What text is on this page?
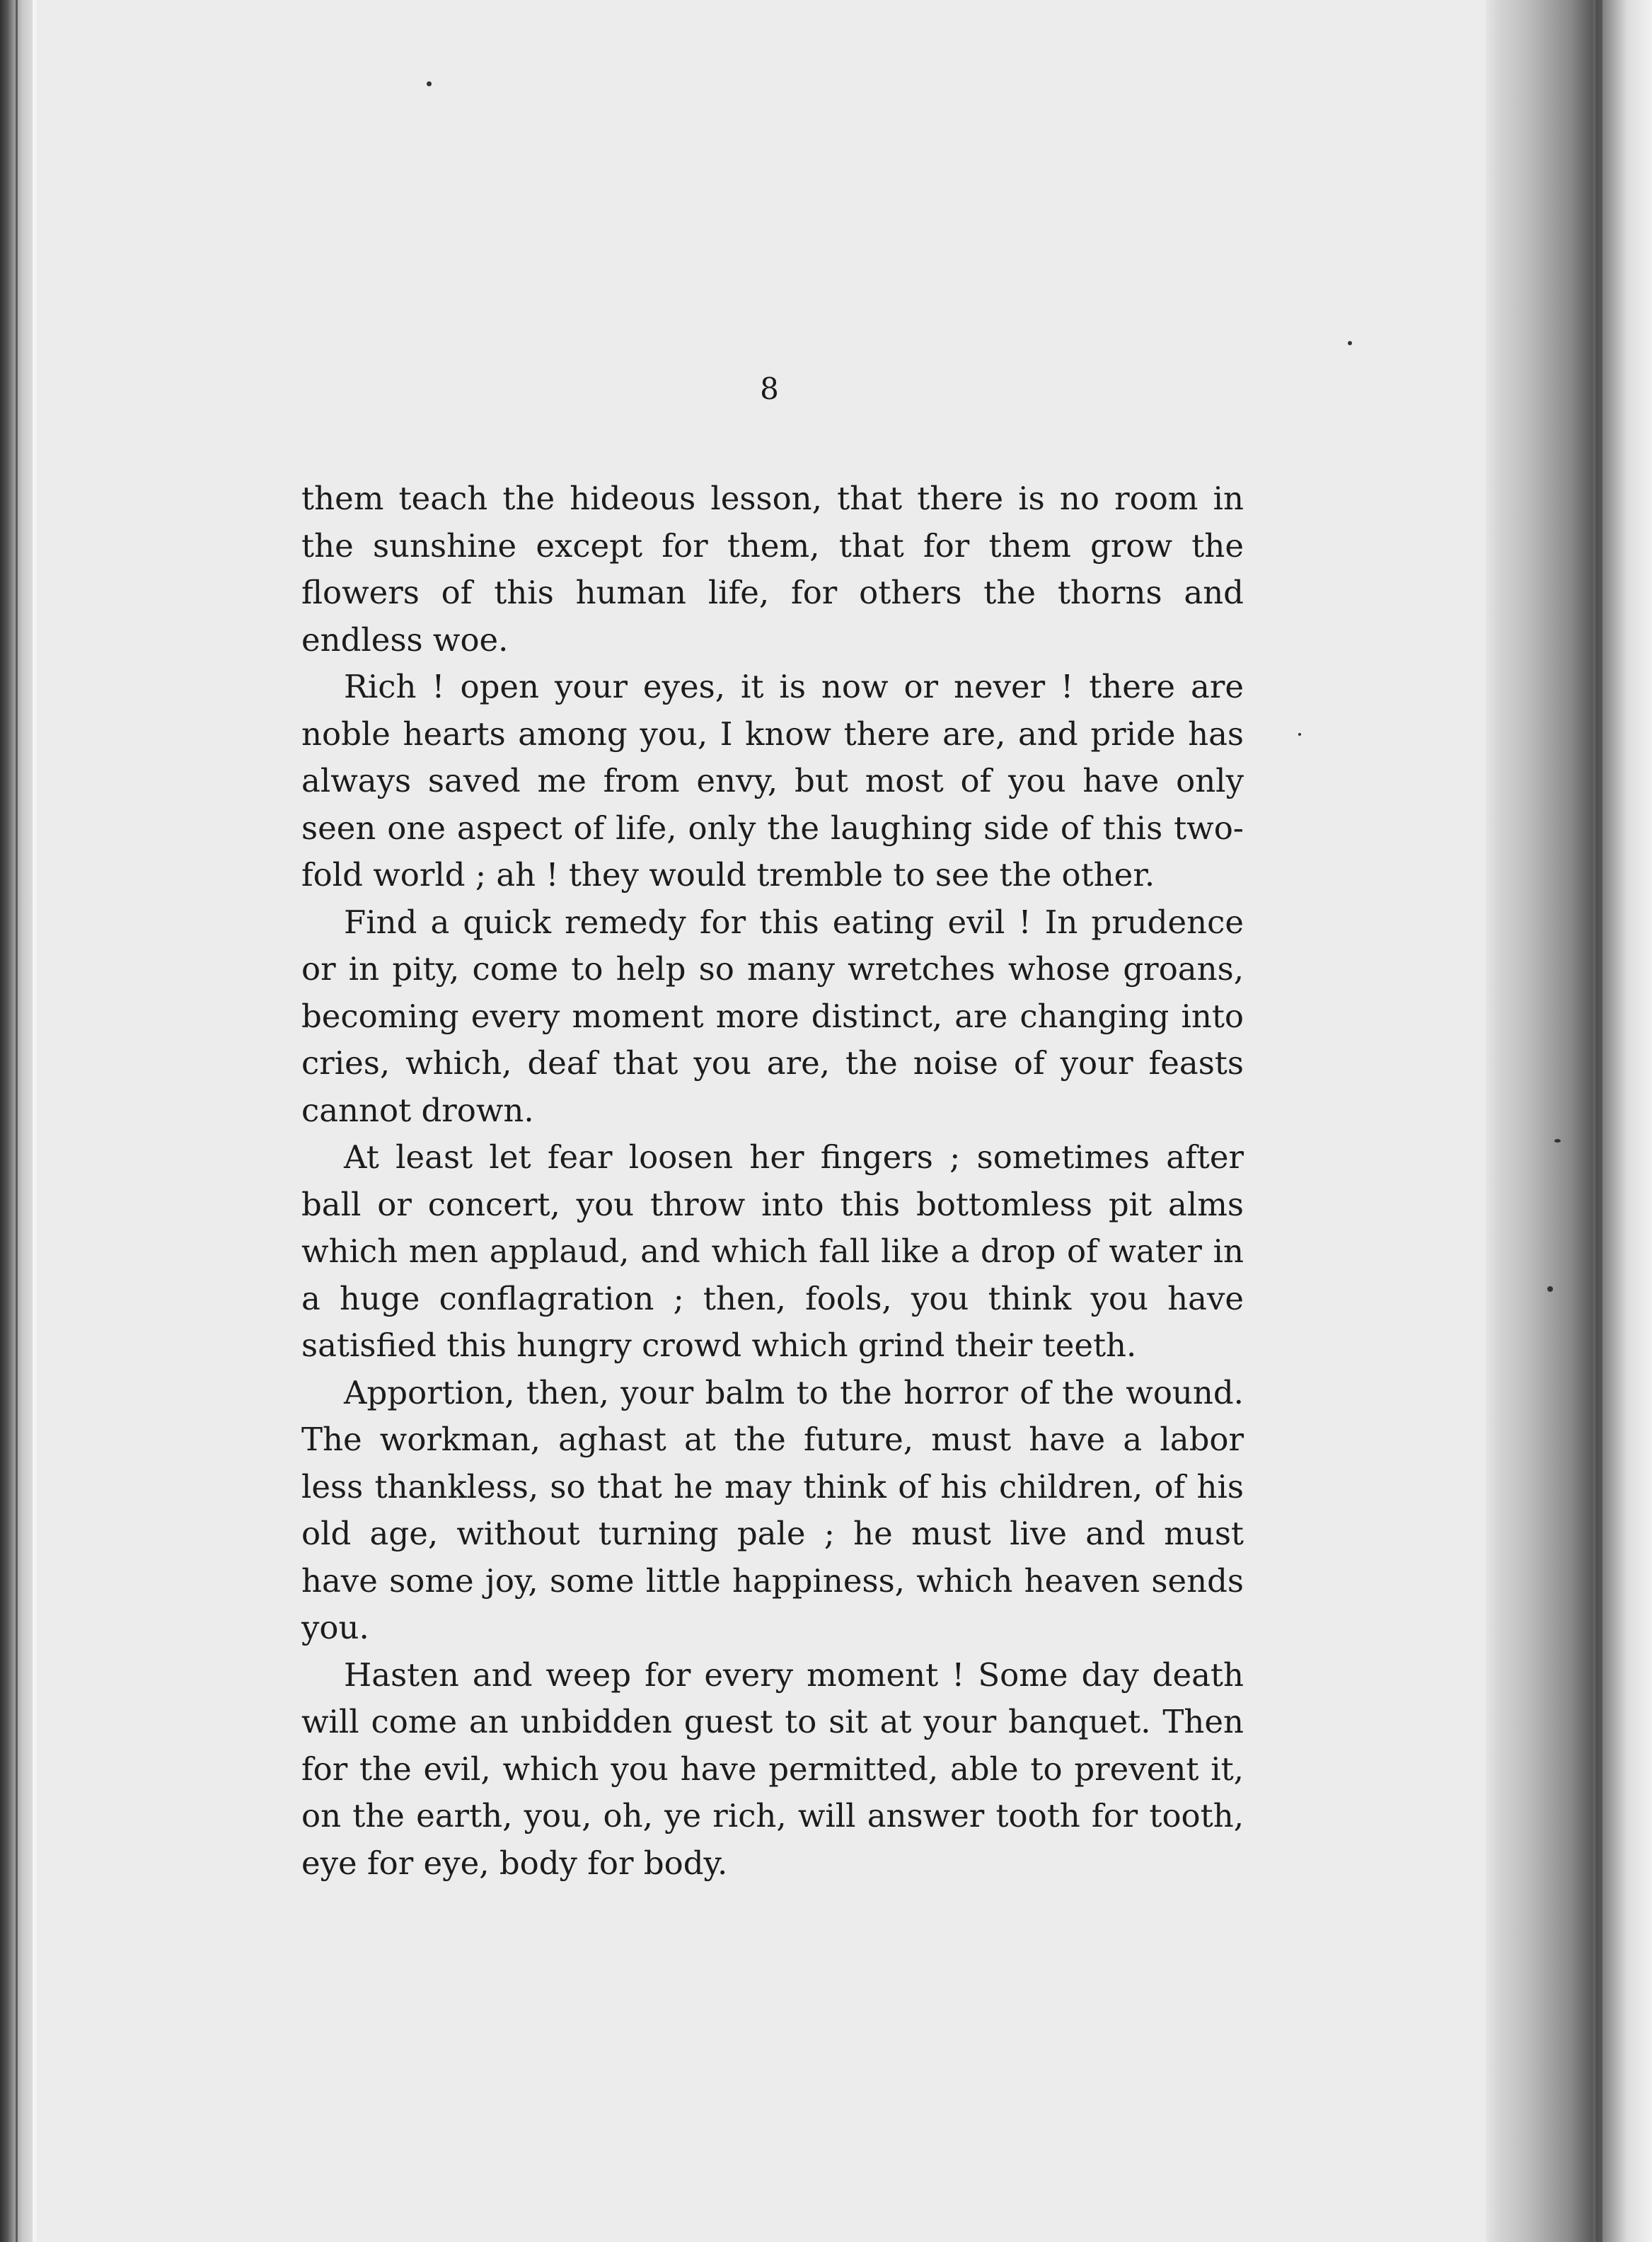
8

them teach the hideous lesson, that there is no room in the sunshine except for them, that for them grow the flowers of this human life, for others the thorns and endless woe.

Rich ! open your eyes, it is now or never ! there are noble hearts among you, I know there are, and pride has always saved me from envy, but most of you have only seen one aspect of life, only the laughing side of this two-fold world ; ah ! they would tremble to see the other.

Find a quick remedy for this eating evil ! In prudence or in pity, come to help so many wretches whose groans, becoming every moment more distinct, are changing into cries, which, deaf that you are, the noise of your feasts cannot drown.

At least let fear loosen her fingers ; sometimes after ball or concert, you throw into this bottomless pit alms which men applaud, and which fall like a drop of water in a huge conflagration ; then, fools, you think you have satisfied this hungry crowd which grind their teeth.

Apportion, then, your balm to the horror of the wound. The workman, aghast at the future, must have a labor less thankless, so that he may think of his children, of his old age, without turning pale ; he must live and must have some joy, some little happiness, which heaven sends you.

Hasten and weep for every moment ! Some day death will come an unbidden guest to sit at your banquet. Then for the evil, which you have permitted, able to prevent it, on the earth, you, oh, ye rich, will answer tooth for tooth, eye for eye, body for body.
